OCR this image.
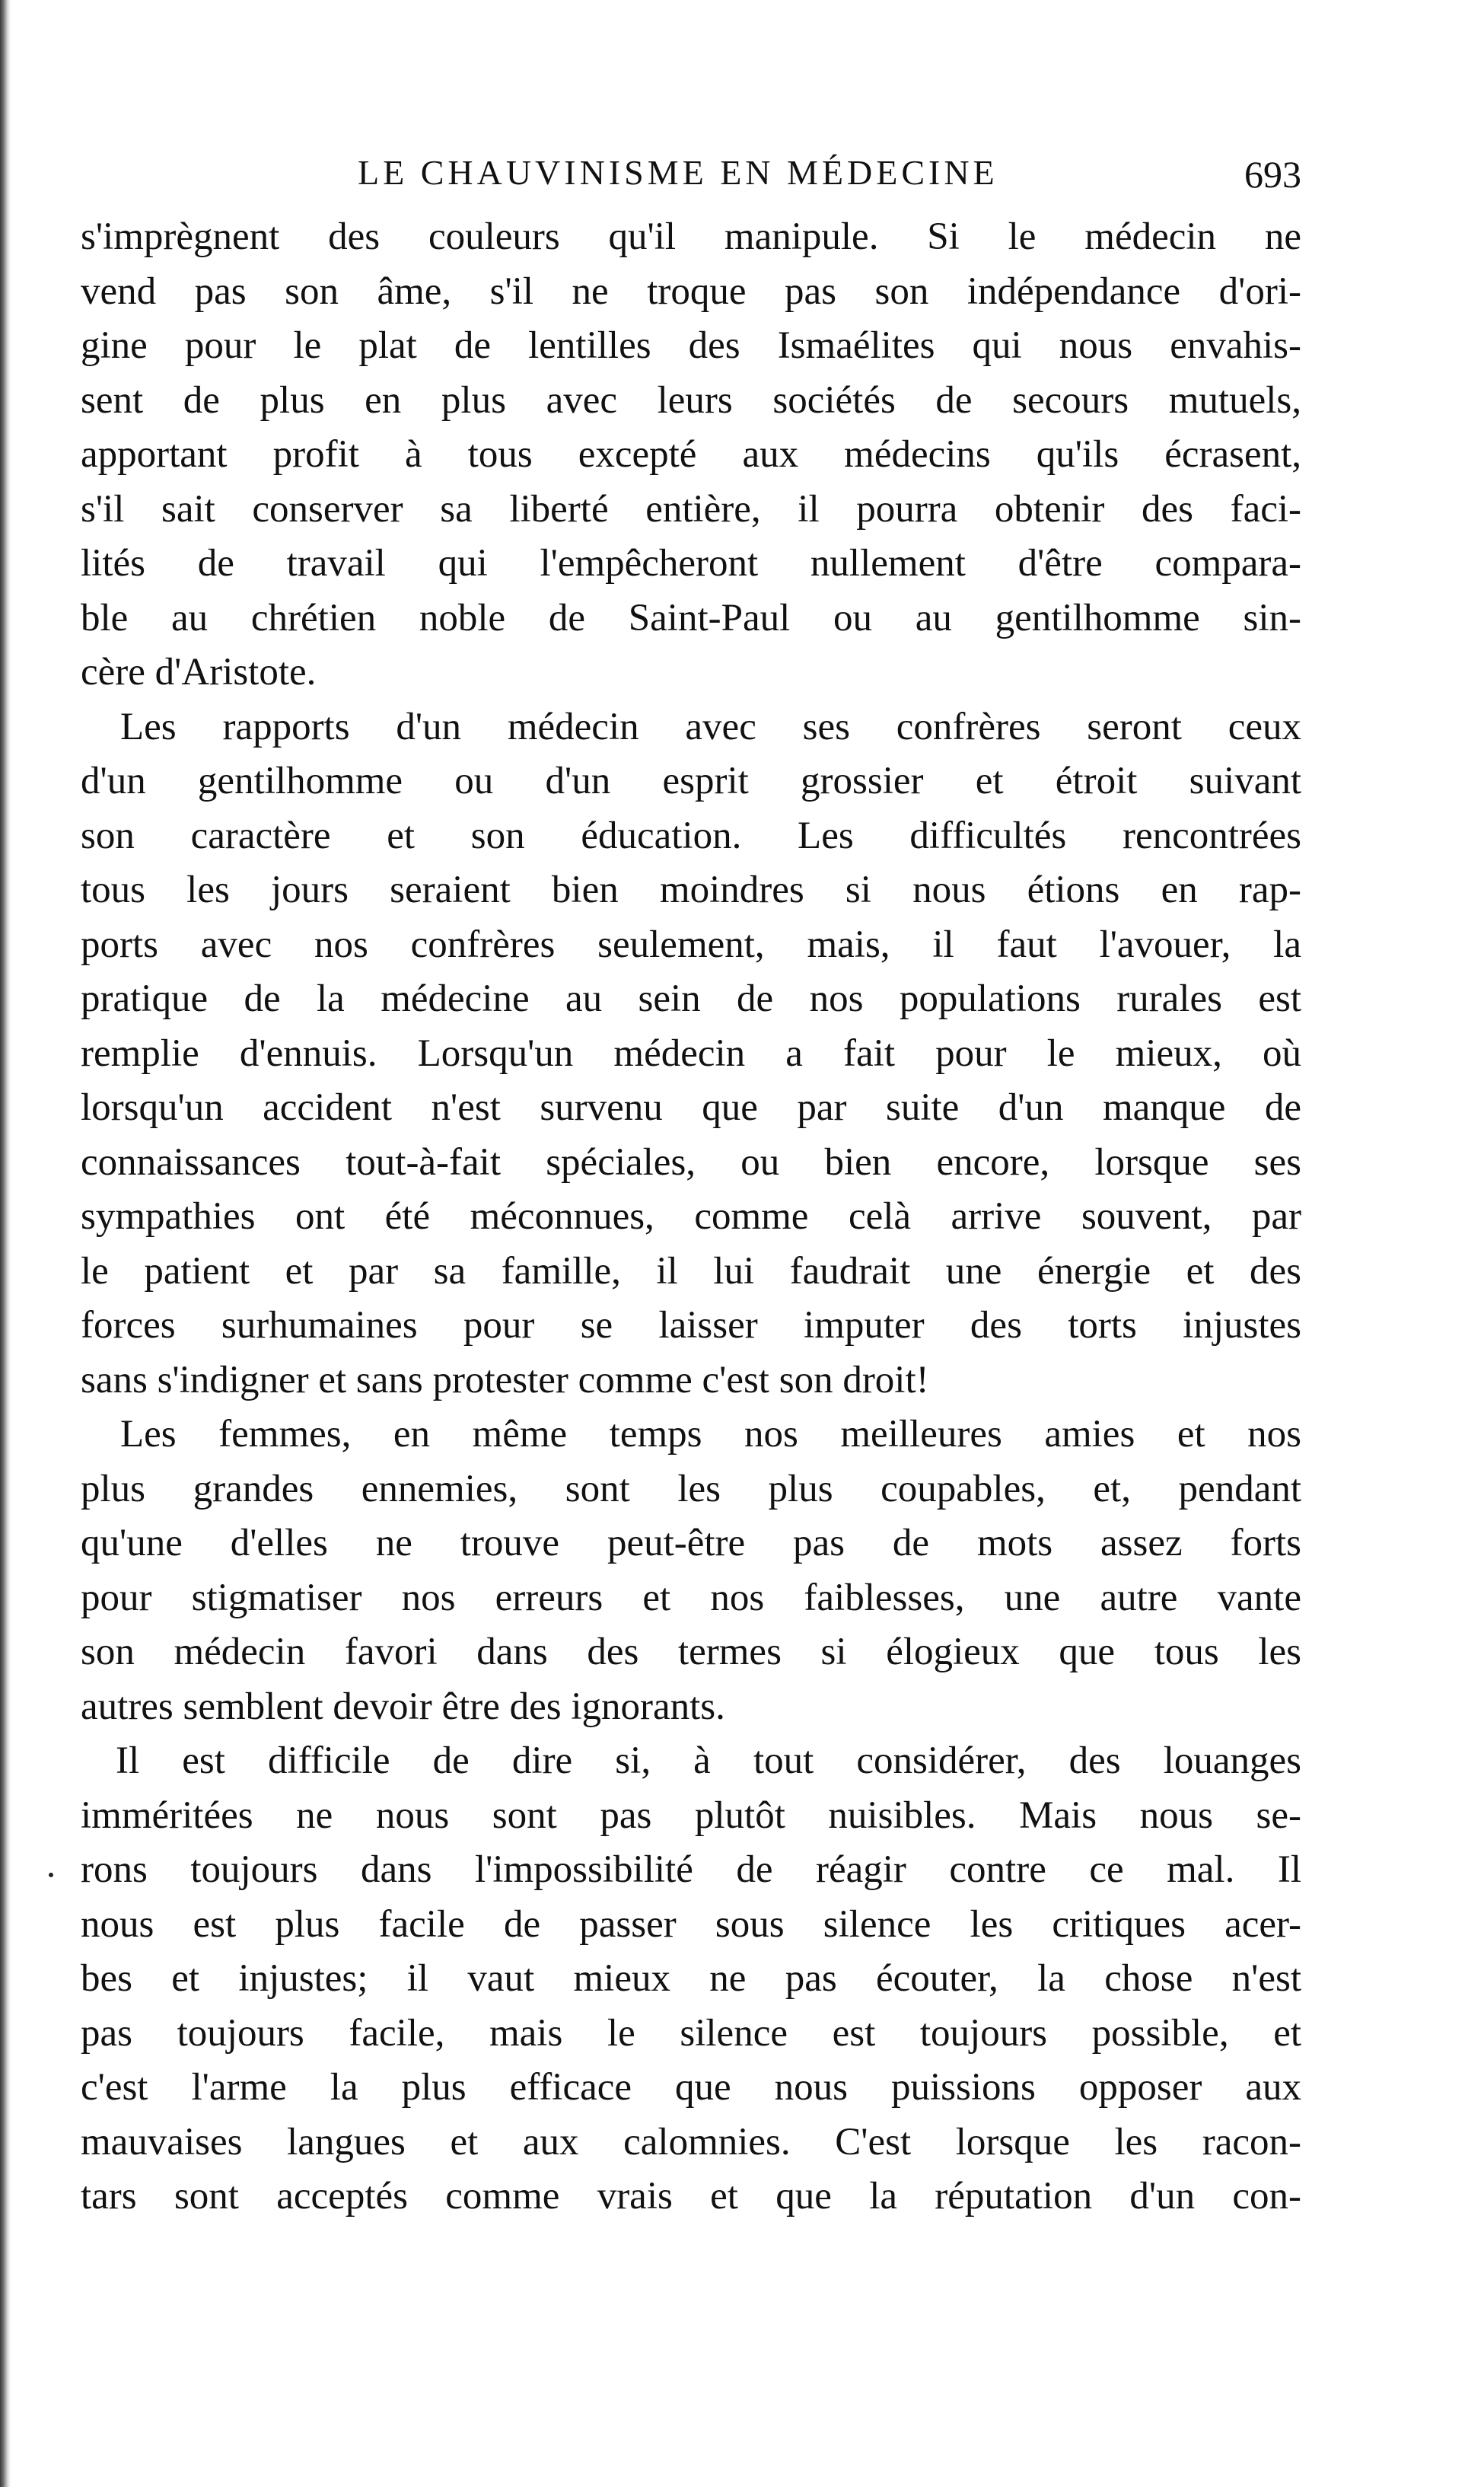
LE CHAUVINISME EN MÉDECINE	693
s'imprègnent des couleurs qu'il manipule. Si le médecin ne
vend pas son âme, s'il ne troque pas son indépendance d'ori-
gine pour le plat de lentilles des Ismaélites qui nous envahis-
sent de plus en plus avec leurs sociétés de secours mutuels,
apportant profit à tous excepté aux médecins qu'ils écrasent,
s'il sait conserver sa liberté entière, il pourra obtenir des faci-
lités de travail qui l'empêcheront nullement d'être compara-
ble au chrétien noble de Saint-Paul ou au gentilhomme sin-
cère d'Aristote.
Les rapports d'un médecin avec ses confrères seront ceux
d'un gentilhomme ou d'un esprit grossier et étroit suivant
son caractère et son éducation. Les difficultés rencontrées
tous les jours seraient bien moindres si nous étions en rap-
ports avec nos confrères seulement, mais, il faut l'avouer, la
pratique de la médecine au sein de nos populations rurales est
remplie d'ennuis. Lorsqu'un médecin a fait pour le mieux, où
lorsqu'un accident n'est survenu que par suite d'un manque de
connaissances tout-à-fait spéciales, ou bien encore, lorsque ses
sympathies ont été méconnues, comme celà arrive souvent, par
le patient et par sa famille, il lui faudrait une énergie et des
forces surhumaines pour se laisser imputer des torts injustes
sans s'indigner et sans protester comme c'est son droit!
Les femmes, en même temps nos meilleures amies et nos
plus grandes ennemies, sont les plus coupables, et, pendant
qu'une d'elles ne trouve peut-être pas de mots assez forts
pour stigmatiser nos erreurs et nos faiblesses, une autre vante
son médecin favori dans des termes si élogieux que tous les
autres semblent devoir être des ignorants.
Il est difficile de dire si, à tout considérer, des louanges
imméritées ne nous sont pas plutôt nuisibles. Mais nous se-
rons toujours dans l'impossibilité de réagir contre ce mal. Il
nous est plus facile de passer sous silence les critiques acer-
bes et injustes; il vaut mieux ne pas écouter, la chose n'est
pas toujours facile, mais le silence est toujours possible, et
c'est l'arme la plus efficace que nous puissions opposer aux
mauvaises langues et aux calomnies. C'est lorsque les racon-
tars sont acceptés comme vrais et que la réputation d'un con-
